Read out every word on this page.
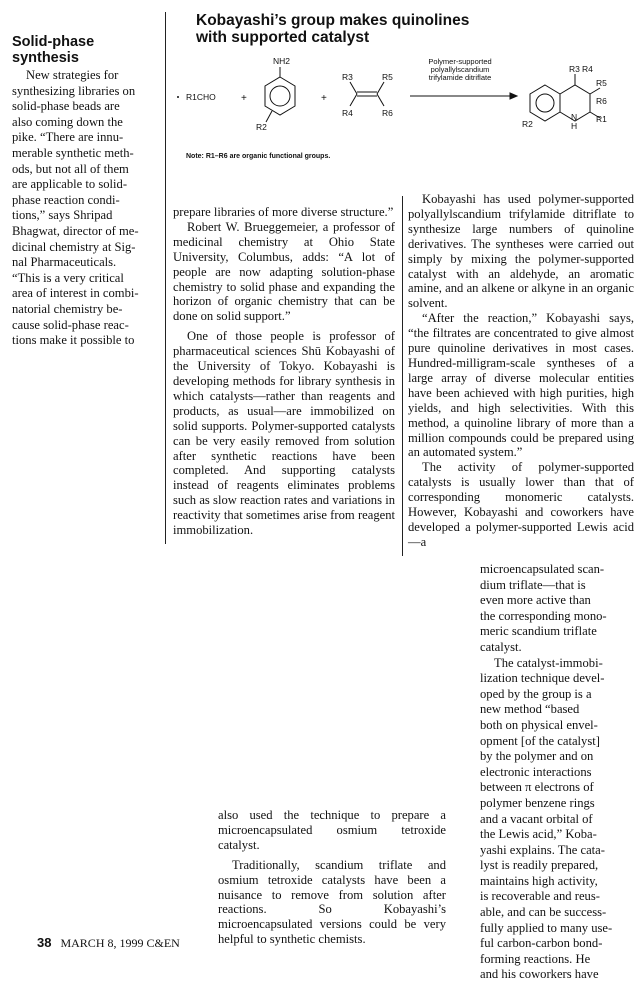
Solid-phase
synthesis
New strategies for
synthesizing libraries on
solid-phase beads are
also coming down the
pike. “There are innu-
merable synthetic meth-
ods, but not all of them
are applicable to solid-
phase reaction condi-
tions,” says Shripad
Bhagwat, director of me-
dicinal chemistry at Sig-
nal Pharmaceuticals.
“This is a very critical
area of interest in combi-
natorial chemistry be-
cause solid-phase reac-
tions make it possible to
Kobayashi’s group makes quinolines
with supported catalyst
R1CHO	+
NH2
R2
+
R3
R4
R5
R6
Polymer-supported
polyallylscandium
trifylamide ditriflate
R3 R4
R5
R6
R2	R1
N
H
Note: R1–R6 are organic functional groups.

prepare libraries of more diverse structure.”

Robert W. Brueggemeier, a professor of medicinal chemistry at Ohio State University, Columbus, adds: “A lot of people are now adapting solution-phase chemistry to solid phase and expanding the horizon of organic chemistry that can be done on solid support.”

One of those people is professor of pharmaceutical sciences Shū Kobayashi of the University of Tokyo. Kobayashi is developing methods for library synthesis in which catalysts—rather than reagents and products, as usual—are immobilized on solid supports. Polymer-supported catalysts can be very easily removed from solution after synthetic reactions have been completed. And supporting catalysts instead of reagents eliminates problems such as slow reaction rates and variations in reactivity that sometimes arise from reagent immobilization.

Kobayashi has used polymer-supported polyallylscandium trifylamide ditriflate to synthesize large numbers of quinoline derivatives. The syntheses were carried out simply by mixing the polymer-supported catalyst with an aldehyde, an aromatic amine, and an alkene or alkyne in an organic solvent.

“After the reaction,” Kobayashi says, “the filtrates are concentrated to give almost pure quinoline derivatives in most cases. Hundred-milligram-scale syntheses of a large array of diverse molecular entities have been achieved with high purities, high yields, and high selectivities. With this method, a quinoline library of more than a million compounds could be prepared using an automated system.”

The activity of polymer-supported catalysts is usually lower than that of corresponding monomeric catalysts. However, Kobayashi and coworkers have developed a polymer-supported Lewis acid—a

microencapsulated scan-
dium triflate—that is
even more active than
the corresponding mono-
meric scandium triflate
catalyst.
The catalyst-immobi-
lization technique devel-
oped by the group is a
new method “based
both on physical envel-
opment [of the catalyst]
by the polymer and on
electronic interactions
between π electrons of
polymer benzene rings
and a vacant orbital of
the Lewis acid,” Koba-
yashi explains. The cata-
lyst is readily prepared,
maintains high activity,
is recoverable and reus-
able, and can be success-
fully applied to many use-
ful carbon-carbon bond-
forming reactions. He
and his coworkers have

also used the technique to prepare a microencapsulated osmium tetroxide catalyst.

Traditionally, scandium triflate and osmium tetroxide catalysts have been a nuisance to remove from solution after reactions. So Kobayashi’s microencapsulated versions could be very helpful to synthetic chemists.

38 MARCH 8, 1999 C&EN
